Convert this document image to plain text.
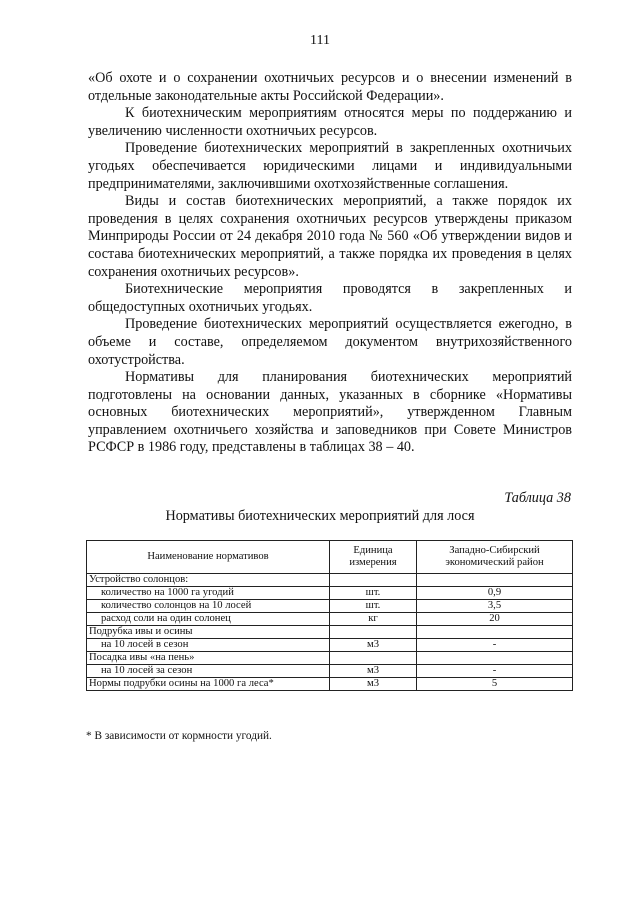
111

«Об охоте и о сохранении охотничьих ресурсов и о внесении изменений в отдельные законодательные акты Российской Федерации».

К биотехническим мероприятиям относятся меры по поддержанию и увеличению численности охотничьих ресурсов.

Проведение биотехнических мероприятий в закрепленных охотничьих угодьях обеспечивается юридическими лицами и индивидуальными предпринимателями, заключившими охотхозяйственные соглашения.

Виды и состав биотехнических мероприятий, а также порядок их проведения в целях сохранения охотничьих ресурсов утверждены приказом Минприроды России от 24 декабря 2010 года № 560 «Об утверждении видов и состава биотехнических мероприятий, а также порядка их проведения в целях сохранения охотничьих ресурсов».

Биотехнические мероприятия проводятся в закрепленных и общедоступных охотничьих угодьях.

Проведение биотехнических мероприятий осуществляется ежегодно, в объеме и составе, определяемом документом внутрихозяйственного охотустройства.

Нормативы для планирования биотехнических мероприятий подготовлены на основании данных, указанных в сборнике «Нормативы основных биотехнических мероприятий», утвержденном Главным управлением охотничьего хозяйства и заповедников при Совете Министров РСФСР в 1986 году, представлены в таблицах 38 – 40.

Таблица 38
Нормативы биотехнических мероприятий для лося
Наименование нормативов	Единица измерения	Западно-Сибирский экономический район
Устройство солонцов:		
количество на 1000 га угодий	шт.	0,9
количество солонцов на 10 лосей	шт.	3,5
расход соли на один солонец	кг	20
Подрубка ивы и осины		
на 10 лосей в сезон	м3	-
Посадка ивы «на пень»		
на 10 лосей за сезон	м3	-
Нормы подрубки осины на 1000 га леса*	м3	5
* В зависимости от кормности угодий.
